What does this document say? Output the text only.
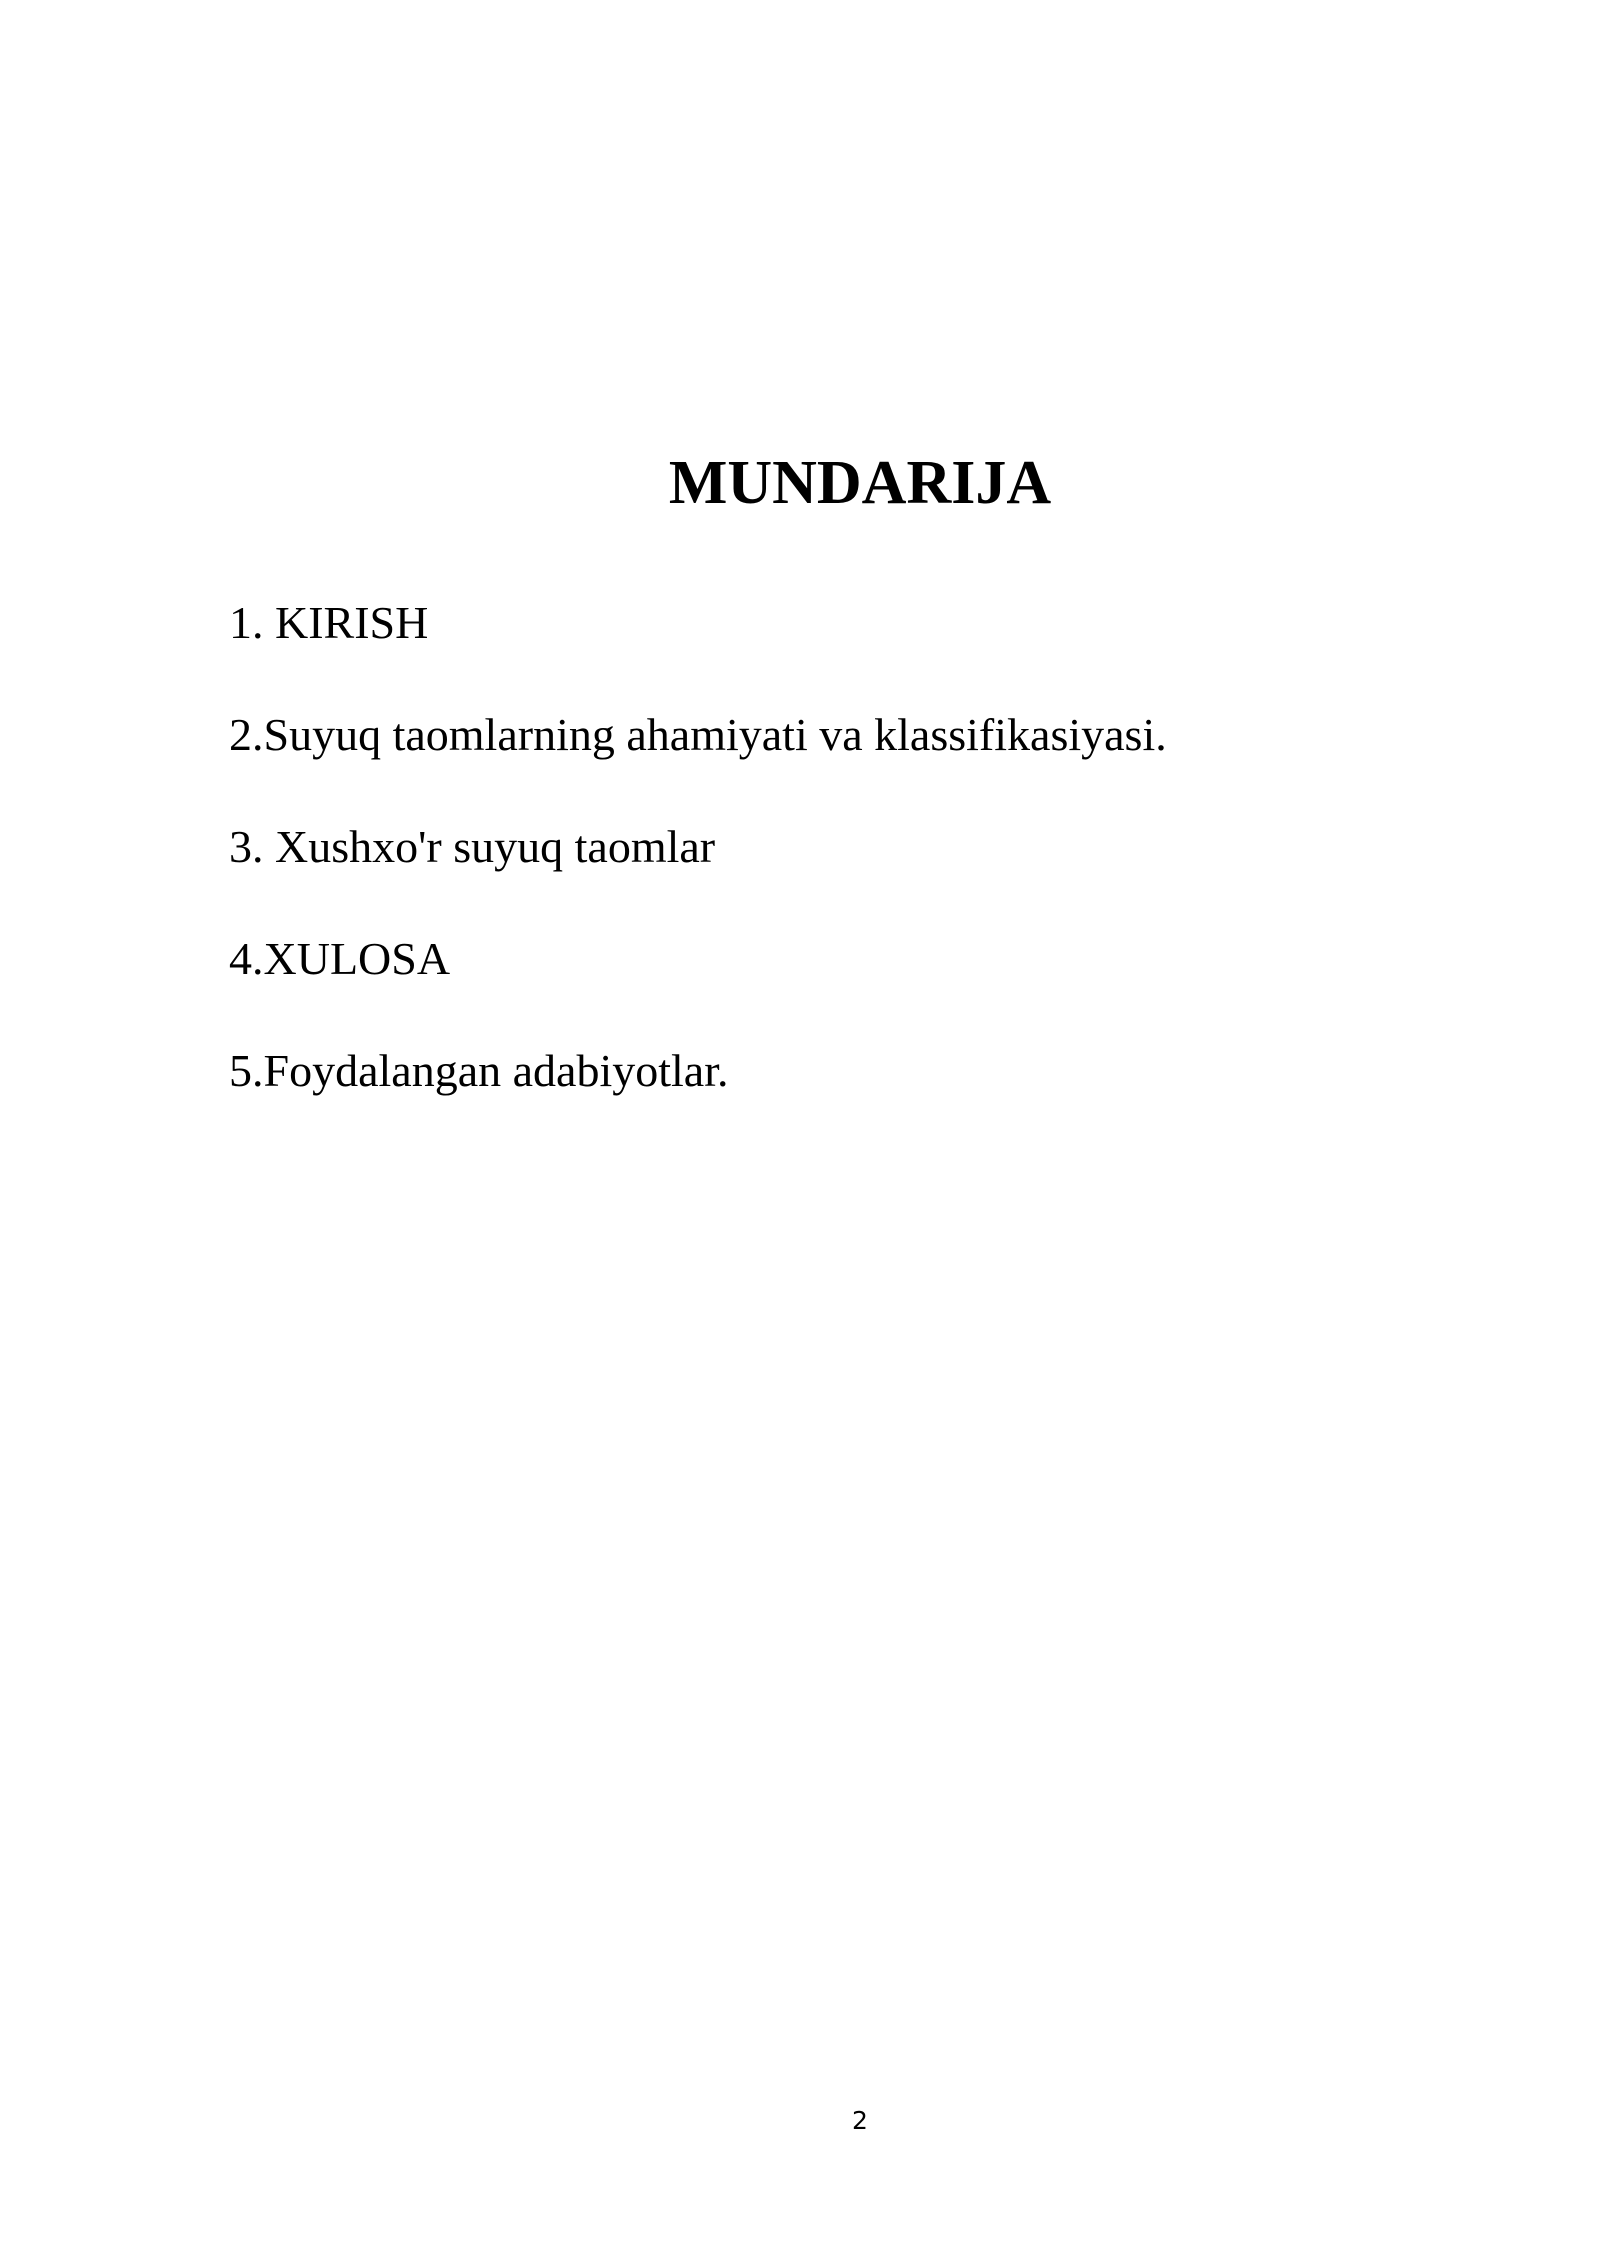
MUNDARIJA
1. KIRISH
2.Suyuq taomlarning ahamiyati va klassifikasiyasi.
3. Xushxo'r suyuq taomlar
4.XULOSA
5.Foydalangan adabiyotlar.
2
